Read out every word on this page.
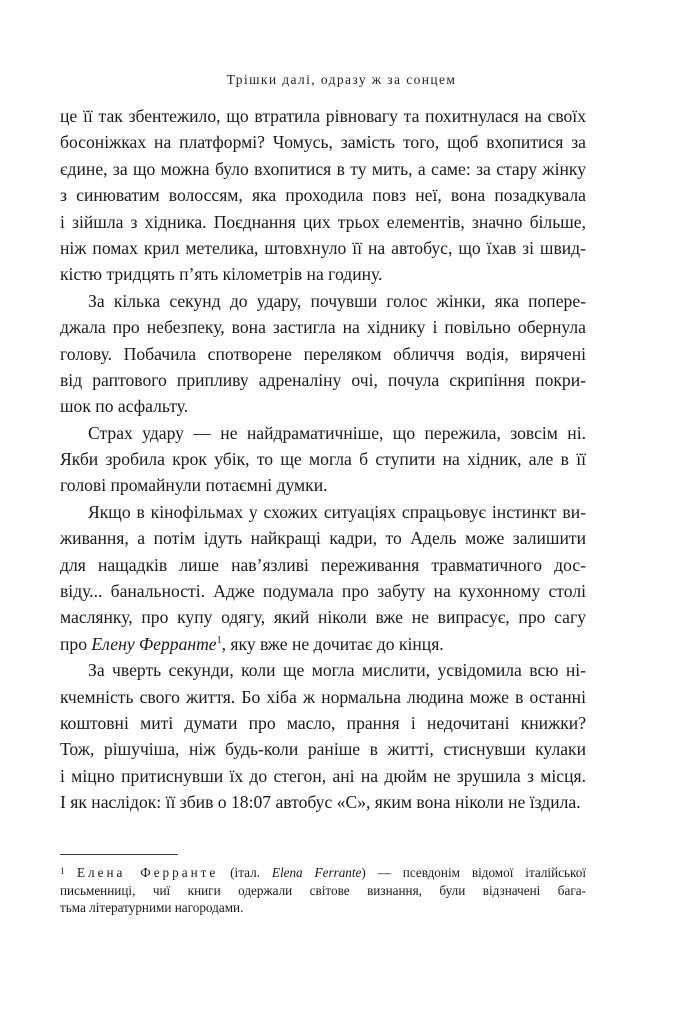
Трішки далі, одразу ж за сонцем
це її так збентежило, що втратила рівновагу та похитнулася на своїх
босоніжках на платформі? Чомусь, замість того, щоб вхопитися за
єдине, за що можна було вхопитися в ту мить, а саме: за стару жінку
з синюватим волоссям, яка проходила повз неї, вона позадкувала
і зійшла з хідника. Поєднання цих трьох елементів, значно більше,
ніж помах крил метелика, штовхнуло її на автобус, що їхав зі швид-
кістю тридцять п’ять кілометрів на годину.
За кілька секунд до удару, почувши голос жінки, яка попере-
джала про небезпеку, вона застигла на хіднику і повільно обернула
голову. Побачила спотворене переляком обличчя водія, вирячені
від раптового припливу адреналіну очі, почула скрипіння покри-
шок по асфальту.
Страх удару — не найдраматичніше, що пережила, зовсім ні.
Якби зробила крок убік, то ще могла б ступити на хідник, але в її
голові промайнули потаємні думки.
Якщо в кінофільмах у схожих ситуаціях спрацьовує інстинкт ви-
живання, а потім ідуть найкращі кадри, то Адель може залишити
для нащадків лише нав’язливі переживання травматичного дос-
віду... банальності. Адже подумала про забуту на кухонному столі
маслянку, про купу одягу, який ніколи вже не випрасує, про сагу
про Елену Ферранте$^1$, яку вже не дочитає до кінця.
За чверть секунди, коли ще могла мислити, усвідомила всю ні-
кчемність свого життя. Бо хіба ж нормальна людина може в останні
коштовні миті думати про масло, прання і недочитані книжки?
Тож, рішучіша, ніж будь-коли раніше в житті, стиснувши кулаки
і міцно притиснувши їх до стегон, ані на дюйм не зрушила з місця.
І як наслідок: її збив о 18:07 автобус «С», яким вона ніколи не їздила.
1 Елена Ферранте (італ. Elena Ferrante) — псевдонім відомої італійської
письменниці, чиї книги одержали світове визнання, були відзначені бага-
тьма літературними нагородами.
